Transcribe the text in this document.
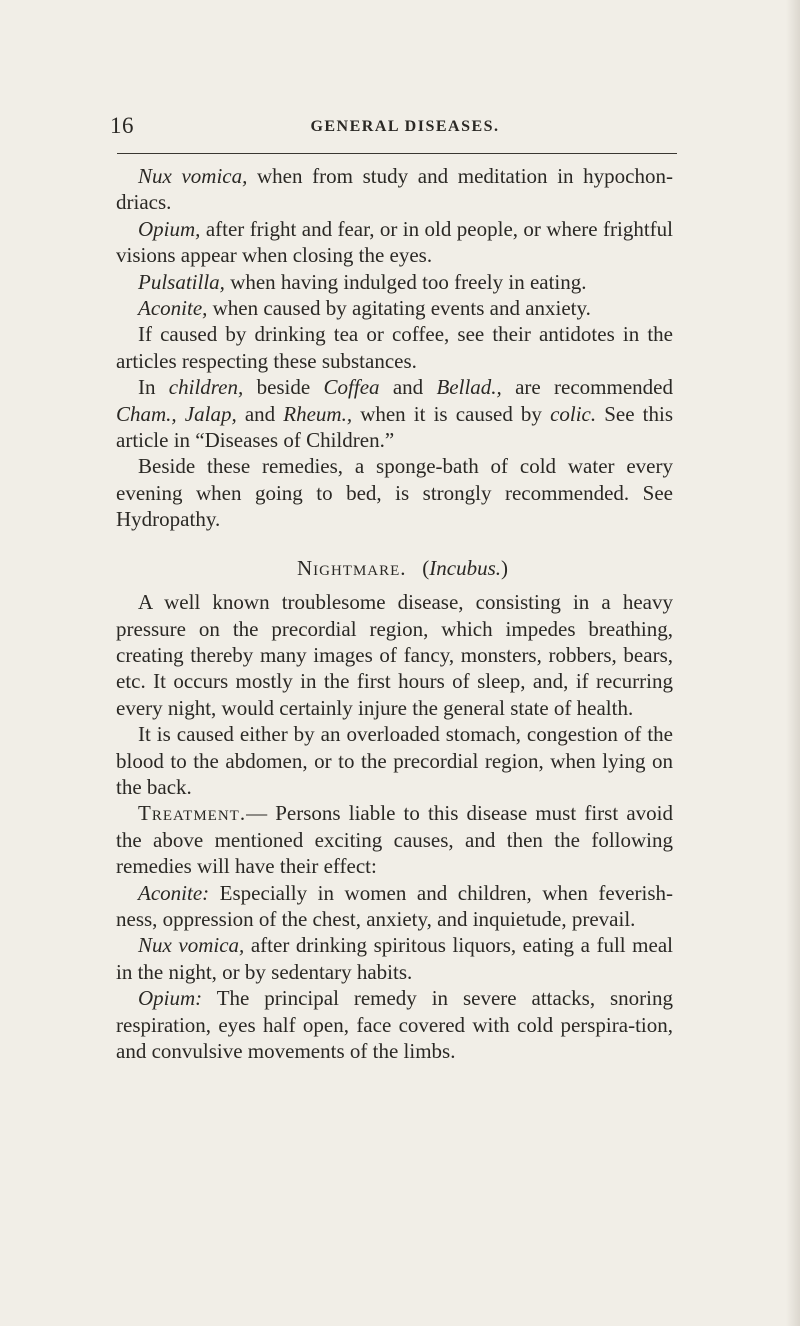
16	GENERAL DISEASES.

Nux vomica, when from study and meditation in hypochon-driacs.

Opium, after fright and fear, or in old people, or where frightful visions appear when closing the eyes.

Pulsatilla, when having indulged too freely in eating.

Aconite, when caused by agitating events and anxiety.

If caused by drinking tea or coffee, see their antidotes in the articles respecting these substances.

In children, beside Coffea and Bellad., are recommended Cham., Jalap, and Rheum., when it is caused by colic. See this article in “Diseases of Children.”

Beside these remedies, a sponge-bath of cold water every evening when going to bed, is strongly recommended. See Hydropathy.

Nightmare.   (Incubus.)

A well known troublesome disease, consisting in a heavy pressure on the precordial region, which impedes breathing, creating thereby many images of fancy, monsters, robbers, bears, etc. It occurs mostly in the first hours of sleep, and, if recurring every night, would certainly injure the general state of health.

It is caused either by an overloaded stomach, congestion of the blood to the abdomen, or to the precordial region, when lying on the back.

Treatment.— Persons liable to this disease must first avoid the above mentioned exciting causes, and then the following remedies will have their effect:

Aconite: Especially in women and children, when feverish-ness, oppression of the chest, anxiety, and inquietude, prevail.

Nux vomica, after drinking spiritous liquors, eating a full meal in the night, or by sedentary habits.

Opium: The principal remedy in severe attacks, snoring respiration, eyes half open, face covered with cold perspira-tion, and convulsive movements of the limbs.
